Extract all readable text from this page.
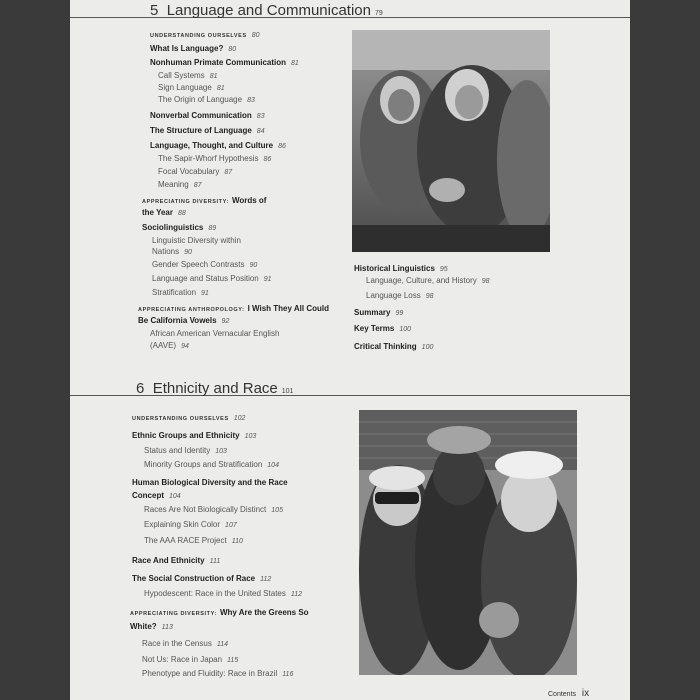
5 Language and Communication 79
UNDERSTANDING OURSELVES 80
What Is Language? 80
Nonhuman Primate Communication 81
Call Systems 81
Sign Language 81
The Origin of Language 83
Nonverbal Communication 83
The Structure of Language 84
Language, Thought, and Culture 86
The Sapir-Whorf Hypothesis 86
Focal Vocabulary 87
Meaning 87
APPRECIATING DIVERSITY: Words of
the Year 88
Sociolinguistics 89
Linguistic Diversity within
Nations 90
Gender Speech Contrasts 90
Language and Status Position 91
Stratification 91
APPRECIATING ANTHROPOLOGY: I Wish They All Could
Be California Vowels 92
African American Vernacular English
(AAVE) 94
Historical Linguistics 95
Language, Culture, and History 98
Language Loss 98
Summary 99
Key Terms 100
Critical Thinking 100
6 Ethnicity and Race 101
UNDERSTANDING OURSELVES 102
Ethnic Groups and Ethnicity 103
Status and Identity 103
Minority Groups and Stratification 104
Human Biological Diversity and the Race
Concept 104
Races Are Not Biologically Distinct 105
Explaining Skin Color 107
The AAA RACE Project 110
Race And Ethnicity 111
The Social Construction of Race 112
Hypodescent: Race in the United States 112
APPRECIATING DIVERSITY: Why Are the Greens So
White? 113
Race in the Census 114
Not Us: Race in Japan 115
Phenotype and Fluidity: Race in Brazil 116
Contents ix
